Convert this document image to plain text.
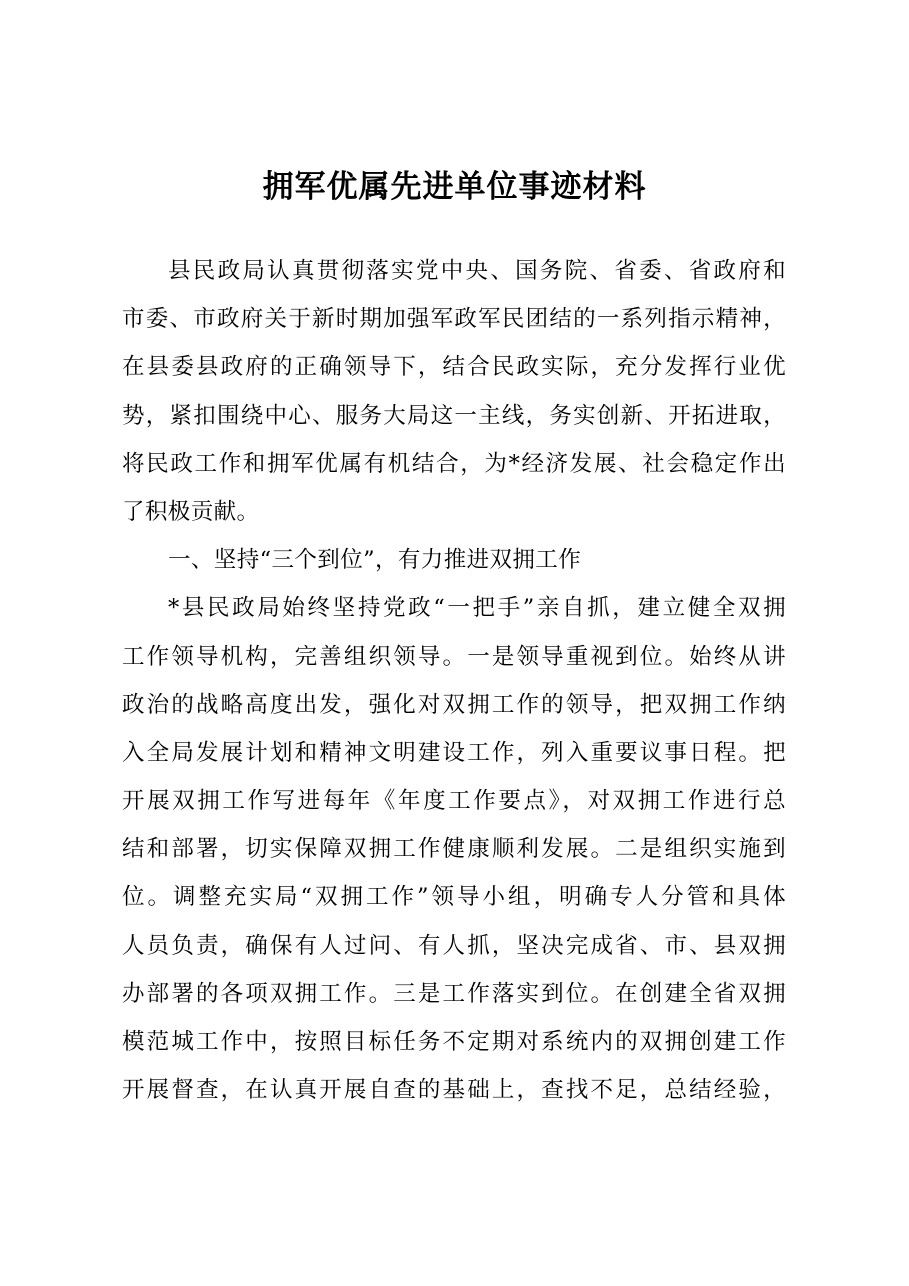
拥军优属先进单位事迹材料
县民政局认真贯彻落实党中央、国务院、省委、省政府和
市委、市政府关于新时期加强军政军民团结的一系列指示精神，
在县委县政府的正确领导下，结合民政实际，充分发挥行业优
势，紧扣围绕中心、服务大局这一主线，务实创新、开拓进取，
将民政工作和拥军优属有机结合，为*经济发展、社会稳定作出
了积极贡献。
一、坚持“三个到位”，有力推进双拥工作
*县民政局始终坚持党政“一把手”亲自抓，建立健全双拥
工作领导机构，完善组织领导。一是领导重视到位。始终从讲
政治的战略高度出发，强化对双拥工作的领导，把双拥工作纳
入全局发展计划和精神文明建设工作，列入重要议事日程。把
开展双拥工作写进每年《年度工作要点》，对双拥工作进行总
结和部署，切实保障双拥工作健康顺利发展。二是组织实施到
位。调整充实局“双拥工作”领导小组，明确专人分管和具体
人员负责，确保有人过问、有人抓，坚决完成省、市、县双拥
办部署的各项双拥工作。三是工作落实到位。在创建全省双拥
模范城工作中，按照目标任务不定期对系统内的双拥创建工作
开展督查，在认真开展自查的基础上，查找不足，总结经验，
